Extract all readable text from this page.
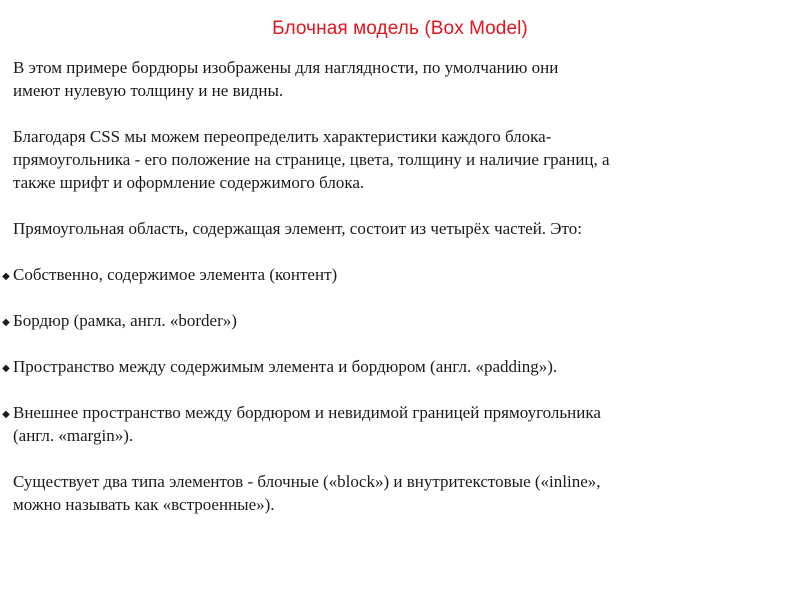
Блочная модель (Box Model)

В этом примере бордюры изображены для наглядности, по умолчанию они
имеют нулевую толщину и не видны.

Благодаря CSS мы можем переопределить характеристики каждого блока-
прямоугольника - его положение на странице, цвета, толщину и наличие границ, а
также шрифт и оформление содержимого блока.

Прямоугольная область, содержащая элемент, состоит из четырёх частей. Это:

◆ Собственно, содержимое элемента (контент)

◆ Бордюр (рамка, англ. «border»)

◆ Пространство между содержимым элемента и бордюром (англ. «padding»).

◆ Внешнее пространство между бордюром и невидимой границей прямоугольника
(англ. «margin»).

Существует два типа элементов - блочные («block») и внутритекстовые («inline»,
можно называть как «встроенные»).
